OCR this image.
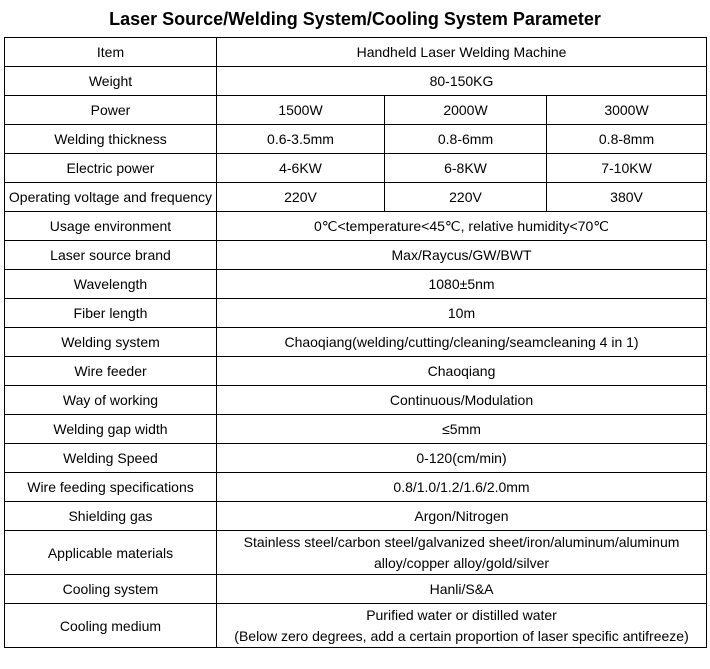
Laser Source/Welding System/Cooling System Parameter
Item	Handheld Laser Welding Machine		
Weight	80-150KG		
Power	1500W	2000W	3000W
Welding thickness	0.6-3.5mm	0.8-6mm	0.8-8mm
Electric power	4-6KW	6-8KW	7-10KW
Operating voltage and frequency	220V	220V	380V
Usage environment	0℃<temperature<45℃, relative humidity<70℃		
Laser source brand	Max/Raycus/GW/BWT		
Wavelength	1080±5nm		
Fiber length	10m		
Welding system	Chaoqiang(welding/cutting/cleaning/seamcleaning 4 in 1)		
Wire feeder	Chaoqiang		
Way of working	Continuous/Modulation		
Welding gap width	≤5mm		
Welding Speed	0-120(cm/min)		
Wire feeding specifications	0.8/1.0/1.2/1.6/2.0mm		
Shielding gas	Argon/Nitrogen		
Applicable materials	Stainless steel/carbon steel/galvanized sheet/iron/aluminum/aluminum
alloy/copper alloy/gold/silver		

Cooling system	Hanli/S&A		
Cooling medium	Purified water or distilled water
(Below zero degrees, add a certain proportion of laser specific antifreeze)		
